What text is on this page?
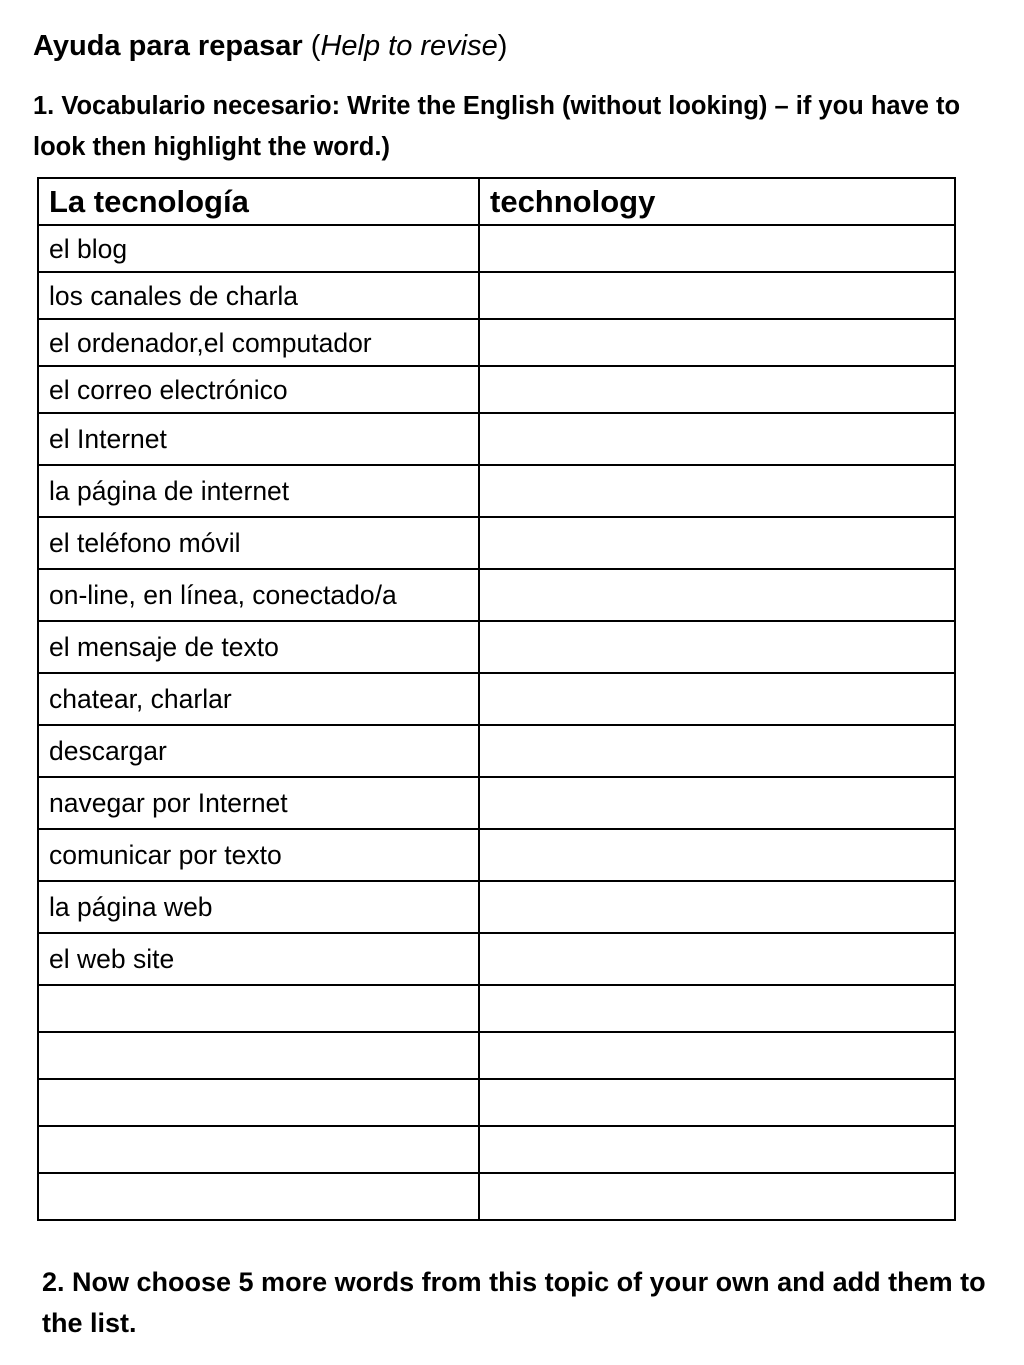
Ayuda para repasar (Help to revise)
1. Vocabulario necesario: Write the English (without looking) – if you have to look then highlight the word.)
La tecnología	technology
el blog	
los canales de charla	
el ordenador,el computador	
el correo electrónico	
el Internet	
la página de internet	
el teléfono móvil	
on-line, en línea, conectado/a	
el mensaje de texto	
chatear, charlar	
descargar	
navegar por Internet	
comunicar por texto	
la página web	
el web site	

2. Now choose 5 more words from this topic of your own and add them to the list.
